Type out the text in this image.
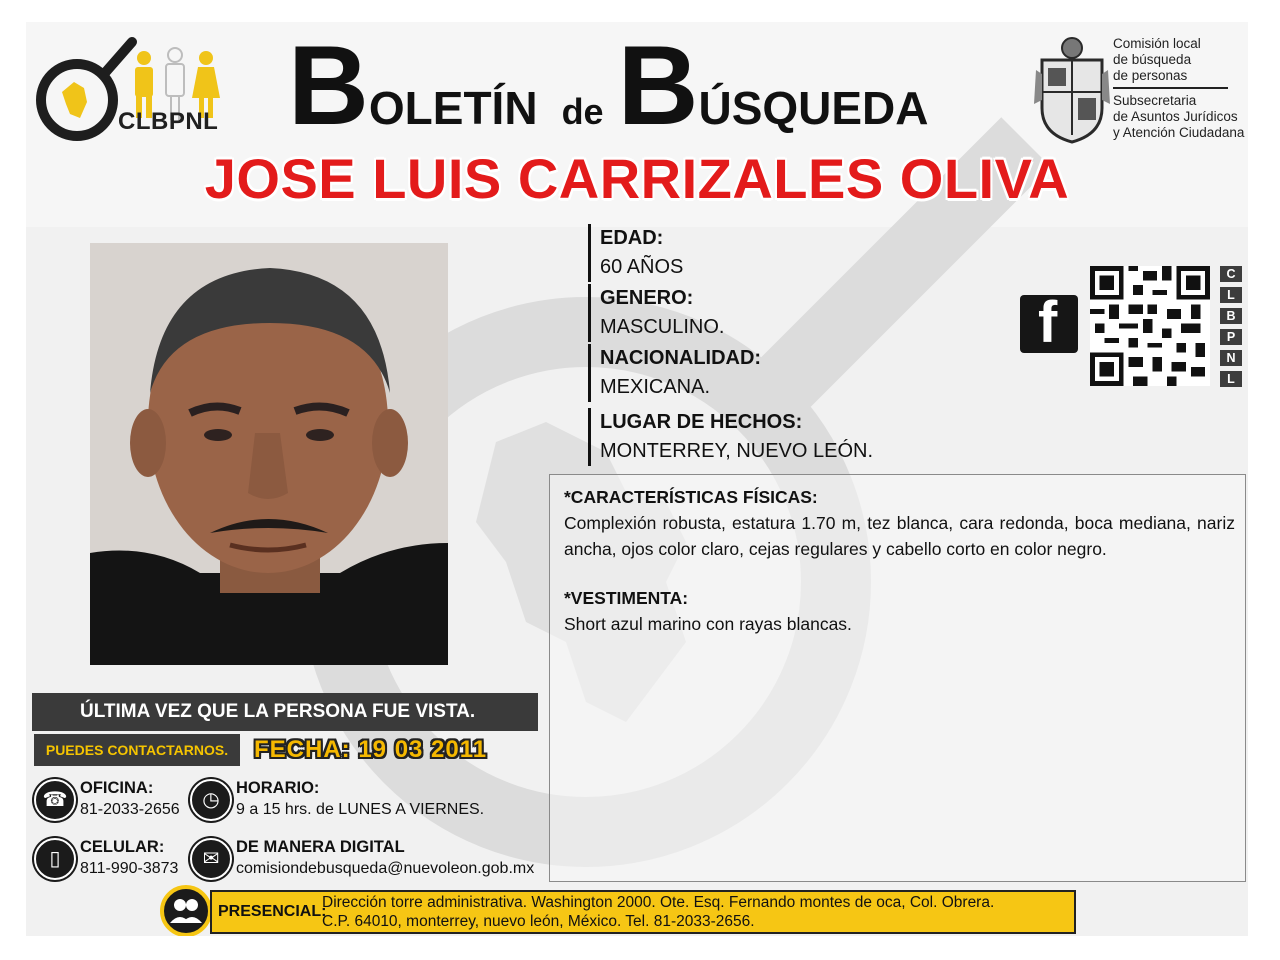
CLBPNL BOLETÍN de BÚSQUEDA
Comisión local
de búsqueda
de personas
Subsecretaria
de Asuntos Jurídicos
y Atención Ciudadana
JOSE LUIS CARRIZALES OLIVA
EDAD:
60 AÑOS
GENERO:
MASCULINO.
NACIONALIDAD:
MEXICANA.
LUGAR DE HECHOS:
MONTERREY, NUEVO LEÓN.
f
C
L
B
P
N
L
*CARACTERÍSTICAS FÍSICAS:

Complexión robusta, estatura 1.70 m, tez blanca, cara redonda, boca mediana, nariz ancha, ojos color claro, cejas regulares y cabello corto en color negro.

*VESTIMENTA:

Short azul marino con rayas blancas.

ÚLTIMA VEZ QUE LA PERSONA FUE VISTA.
PUEDES CONTACTARNOS.	FECHA: 19 03 2011
☎
OFICINA:
81-2033-2656	◷
HORARIO:
9 a 15 hrs. de LUNES A VIERNES.
▯
CELULAR:
811-990-3873	✉
DE MANERA DIGITAL
comisiondebusqueda@nuevoleon.gob.mx
PRESENCIAL:
Dirección torre administrativa. Washington 2000. Ote. Esq. Fernando montes de oca, Col. Obrera.
C.P. 64010, monterrey, nuevo león, México. Tel. 81-2033-2656.
